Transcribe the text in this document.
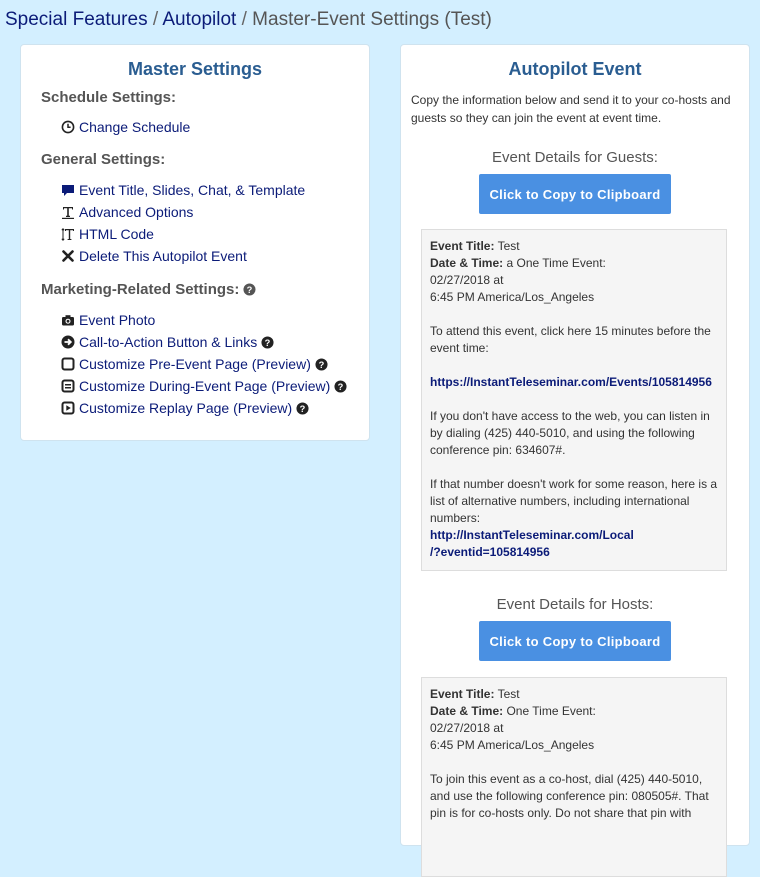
Special Features / Autopilot / Master-Event Settings (Test)
Master Settings
Schedule Settings:
Change Schedule
General Settings:
Event Title, Slides, Chat, & Template
Advanced Options
HTML Code
Delete This Autopilot Event
Marketing-Related Settings: ?
Event Photo
Call-to-Action Button & Links ?
Customize Pre-Event Page (Preview) ?
Customize During-Event Page (Preview) ?
Customize Replay Page (Preview) ?
Autopilot Event
Copy the information below and send it to your co-hosts and guests so they can join the event at event time.
Event Details for Guests:
Click to Copy to Clipboard
Event Title: Test
Date & Time: a One Time Event:
02/27/2018 at
6:45 PM America/Los_Angeles
To attend this event, click here 15 minutes before the event time:
https://InstantTeleseminar.com/Events/105814956
If you don't have access to the web, you can listen in by dialing (425) 440-5010, and using the following conference pin: 634607#.
If that number doesn't work for some reason, here is a list of alternative numbers, including international numbers:
http://InstantTeleseminar.com/Local
/?eventid=105814956
Event Details for Hosts:
Click to Copy to Clipboard
Event Title: Test
Date & Time: One Time Event:
02/27/2018 at
6:45 PM America/Los_Angeles
To join this event as a co-host, dial (425) 440-5010, and use the following conference pin: 080505#. That pin is for co-hosts only. Do not share that pin with
